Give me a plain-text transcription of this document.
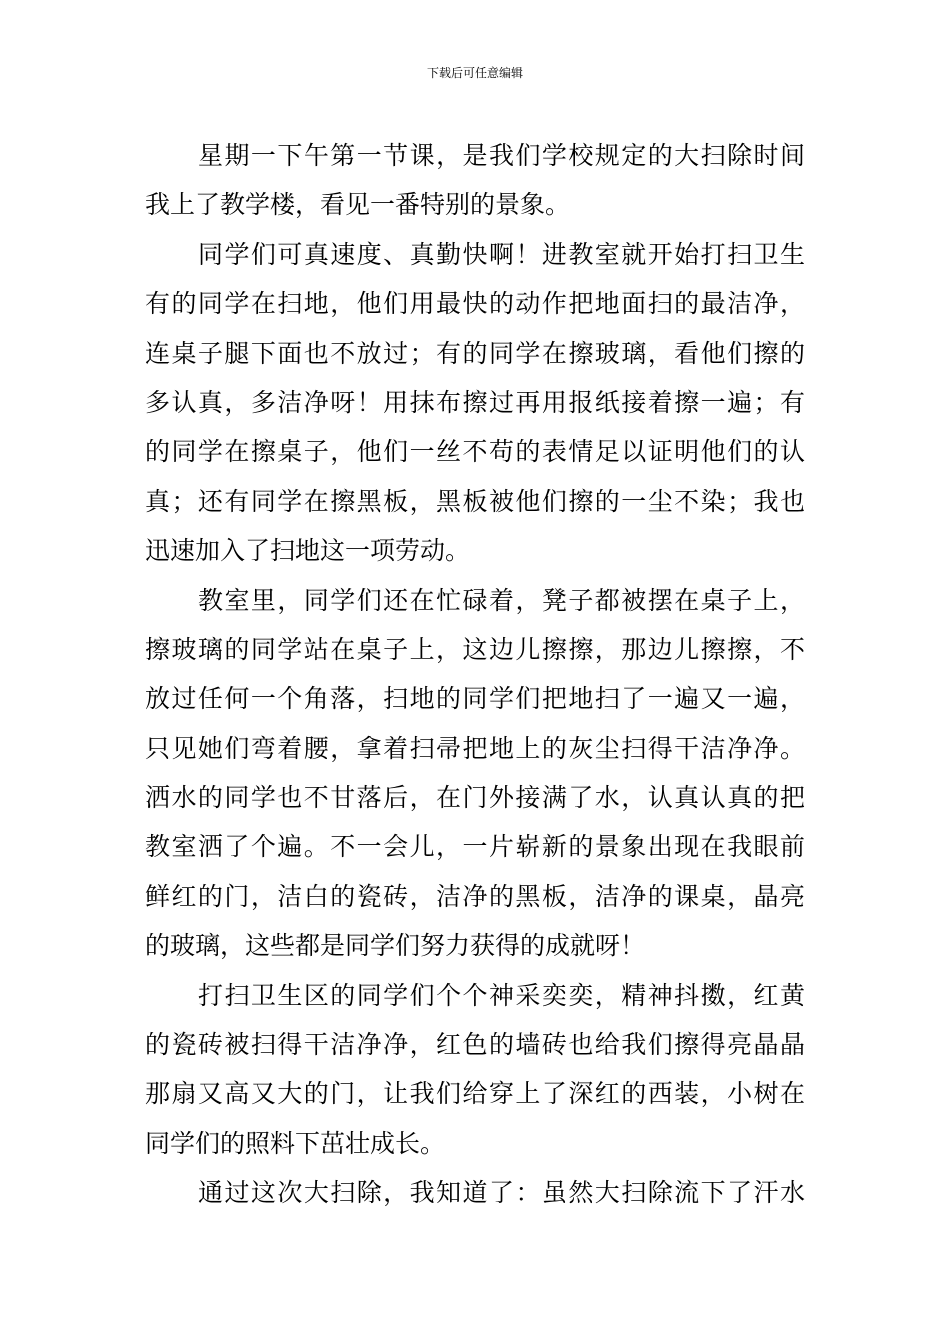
下载后可任意编辑
星期一下午第一节课，是我们学校规定的大扫除时间
我上了教学楼，看见一番特别的景象。
同学们可真速度、真勤快啊！进教室就开始打扫卫生
有的同学在扫地，他们用最快的动作把地面扫的最洁净，
连桌子腿下面也不放过；有的同学在擦玻璃，看他们擦的
多认真，多洁净呀！用抹布擦过再用报纸接着擦一遍；有
的同学在擦桌子，他们一丝不苟的表情足以证明他们的认
真；还有同学在擦黑板，黑板被他们擦的一尘不染；我也
迅速加入了扫地这一项劳动。
教室里，同学们还在忙碌着，凳子都被摆在桌子上，
擦玻璃的同学站在桌子上，这边儿擦擦，那边儿擦擦，不
放过任何一个角落，扫地的同学们把地扫了一遍又一遍，
只见她们弯着腰，拿着扫帚把地上的灰尘扫得干洁净净。
洒水的同学也不甘落后，在门外接满了水，认真认真的把
教室洒了个遍。不一会儿，一片崭新的景象出现在我眼前
鲜红的门，洁白的瓷砖，洁净的黑板，洁净的课桌，晶亮
的玻璃，这些都是同学们努力获得的成就呀！
打扫卫生区的同学们个个神采奕奕，精神抖擞，红黄
的瓷砖被扫得干洁净净，红色的墙砖也给我们擦得亮晶晶
那扇又高又大的门，让我们给穿上了深红的西装，小树在
同学们的照料下茁壮成长。
通过这次大扫除，我知道了：虽然大扫除流下了汗水
